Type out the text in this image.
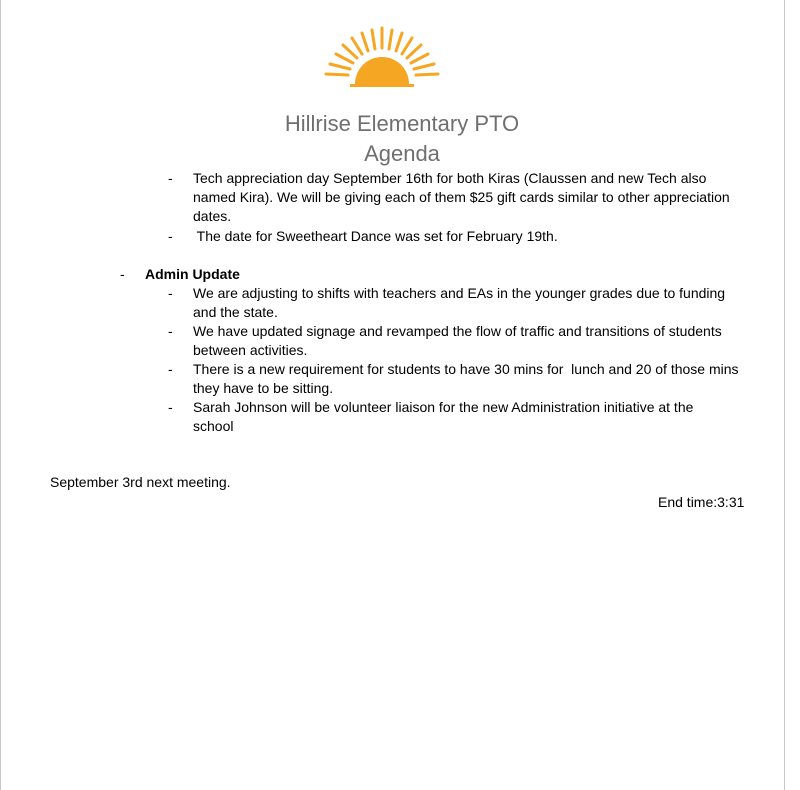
Hillrise Elementary PTO
Agenda
- Tech appreciation day September 16th for both Kiras (Claussen and new Tech also
named Kira). We will be giving each of them $25 gift cards similar to other appreciation
dates.
- The date for Sweetheart Dance was set for February 19th.
- Admin Update
- We are adjusting to shifts with teachers and EAs in the younger grades due to funding
and the state.
- We have updated signage and revamped the flow of traffic and transitions of students
between activities.
- There is a new requirement for students to have 30 mins for  lunch and 20 of those mins
they have to be sitting.
- Sarah Johnson will be volunteer liaison for the new Administration initiative at the
school
September 3rd next meeting.
End time:3:31
